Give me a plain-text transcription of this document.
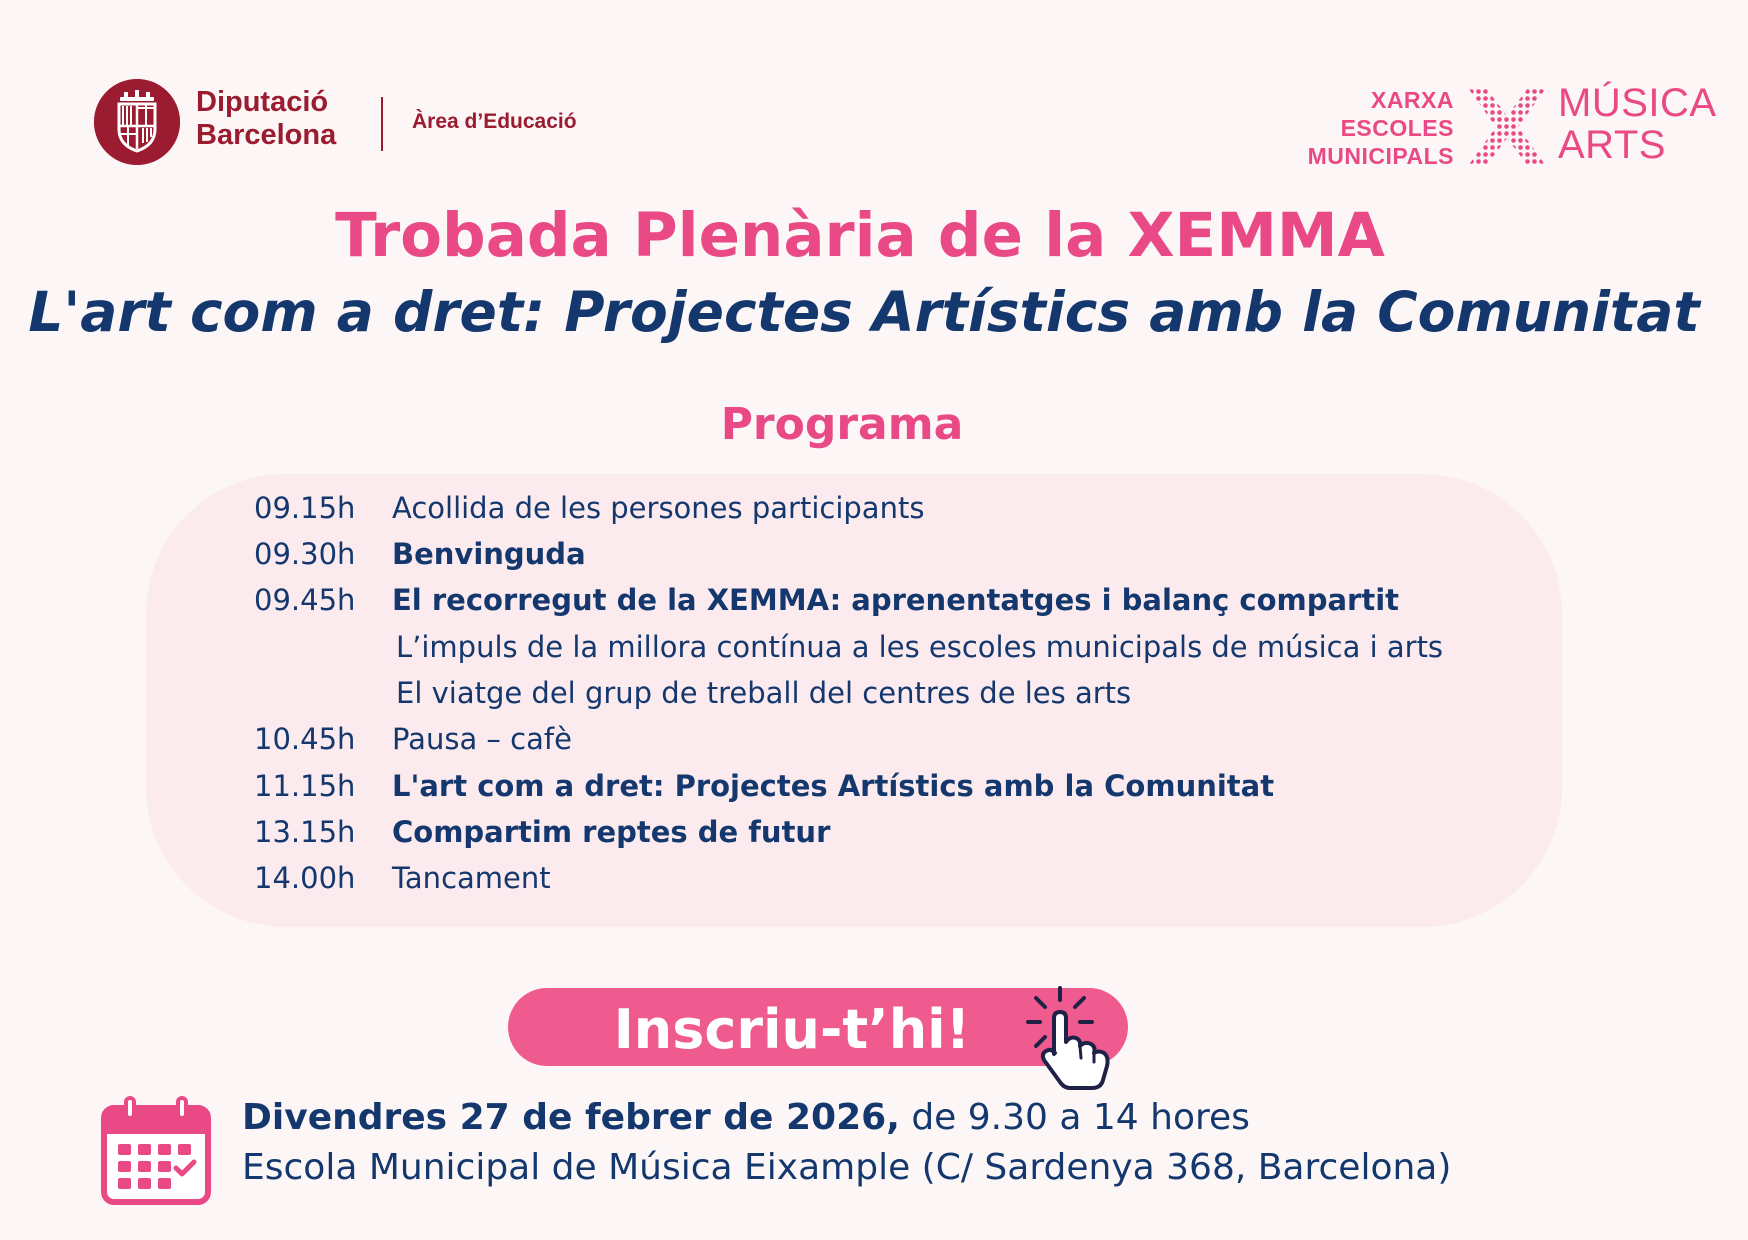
Diputació
Barcelona	Àrea d’Educació
XARXA
ESCOLES
MUNICIPALS
MÚSICA
ARTS
Trobada Plenària de la XEMMA
L'art com a dret: Projectes Artístics amb la Comunitat
Programa
09.15h Acollida de les persones participants
09.30h Benvinguda
09.45h El recorregut de la XEMMA: aprenentatges i balanç compartit
L’impuls de la millora contínua a les escoles municipals de música i arts
El viatge del grup de treball del centres de les arts
10.45h Pausa – cafè
11.15h L'art com a dret: Projectes Artístics amb la Comunitat
13.15h Compartim reptes de futur
14.00h Tancament
Inscriu-t’hi!
Divendres 27 de febrer de 2026, de 9.30 a 14 hores
Escola Municipal de Música Eixample (C/ Sardenya 368, Barcelona)
